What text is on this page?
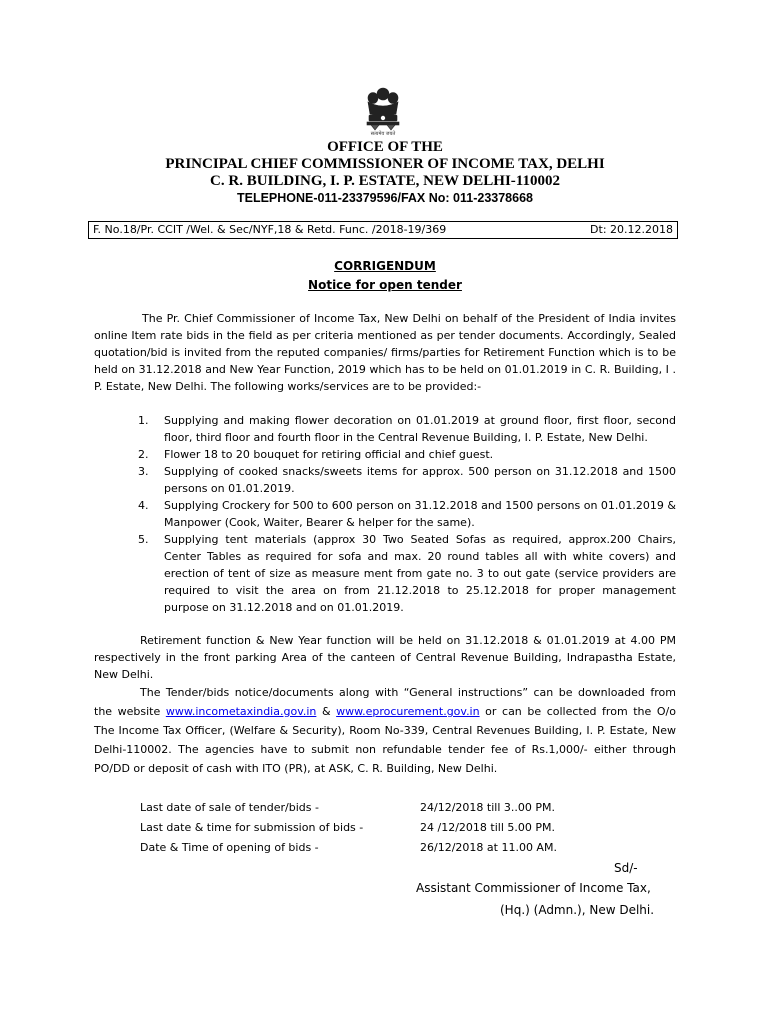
सत्यमेव जयते
OFFICE OF THE
PRINCIPAL CHIEF COMMISSIONER OF INCOME TAX, DELHI
C. R. BUILDING, I. P. ESTATE, NEW DELHI-110002
TELEPHONE-011-23379596/FAX No: 011-23378668
F. No.18/Pr. CCIT /Wel. & Sec/NYF,18 & Retd. Func. /2018-19/369	Dt: 20.12.2018
CORRIGENDUM
Notice for open tender

The Pr. Chief Commissioner of Income Tax, New Delhi on behalf of the President of India invites online Item rate bids in the field as per criteria mentioned as per tender documents. Accordingly, Sealed quotation/bid is invited from the reputed companies/ firms/parties for Retirement Function which is to be held on 31.12.2018 and New Year Function, 2019 which has to be held on 01.01.2019 in C. R. Building, I . P. Estate, New Delhi. The following works/services are to be provided:-

1. Supplying and making flower decoration on 01.01.2019 at ground floor, first floor, second floor, third floor and fourth floor in the Central Revenue Building, I. P. Estate, New Delhi.
2. Flower 18 to 20 bouquet for retiring official and chief guest.
3. Supplying of cooked snacks/sweets items for approx. 500 person on 31.12.2018 and 1500 persons on 01.01.2019.
4. Supplying Crockery for 500 to 600 person on 31.12.2018 and 1500 persons on 01.01.2019 & Manpower (Cook, Waiter, Bearer & helper for the same).
5. Supplying tent materials (approx 30 Two Seated Sofas as required, approx.200 Chairs, Center Tables as required for sofa and max. 20 round tables all with white covers) and erection of tent of size as measure ment from gate no. 3 to out gate (service providers are required to visit the area on from 21.12.2018 to 25.12.2018 for proper management purpose on 31.12.2018 and on 01.01.2019.

Retirement function & New Year function will be held on 31.12.2018 & 01.01.2019 at 4.00 PM respectively in the front parking Area of the canteen of Central Revenue Building, Indrapastha Estate, New Delhi.

The Tender/bids notice/documents along with “General instructions” can be downloaded from the website www.incometaxindia.gov.in & www.eprocurement.gov.in or can be collected from the O/o The Income Tax Officer, (Welfare & Security), Room No-339, Central Revenues Building, I. P. Estate, New Delhi-110002. The agencies have to submit non refundable tender fee of Rs.1,000/- either through PO/DD or deposit of cash with ITO (PR), at ASK, C. R. Building, New Delhi.

Last date of sale of tender/bids -	24/12/2018 till 3..00 PM.
Last date & time for submission of bids -	24 /12/2018 till 5.00 PM.
Date & Time of opening of bids -	26/12/2018 at 11.00 AM.
Sd/-
Assistant Commissioner of Income Tax,
(Hq.) (Admn.), New Delhi.
